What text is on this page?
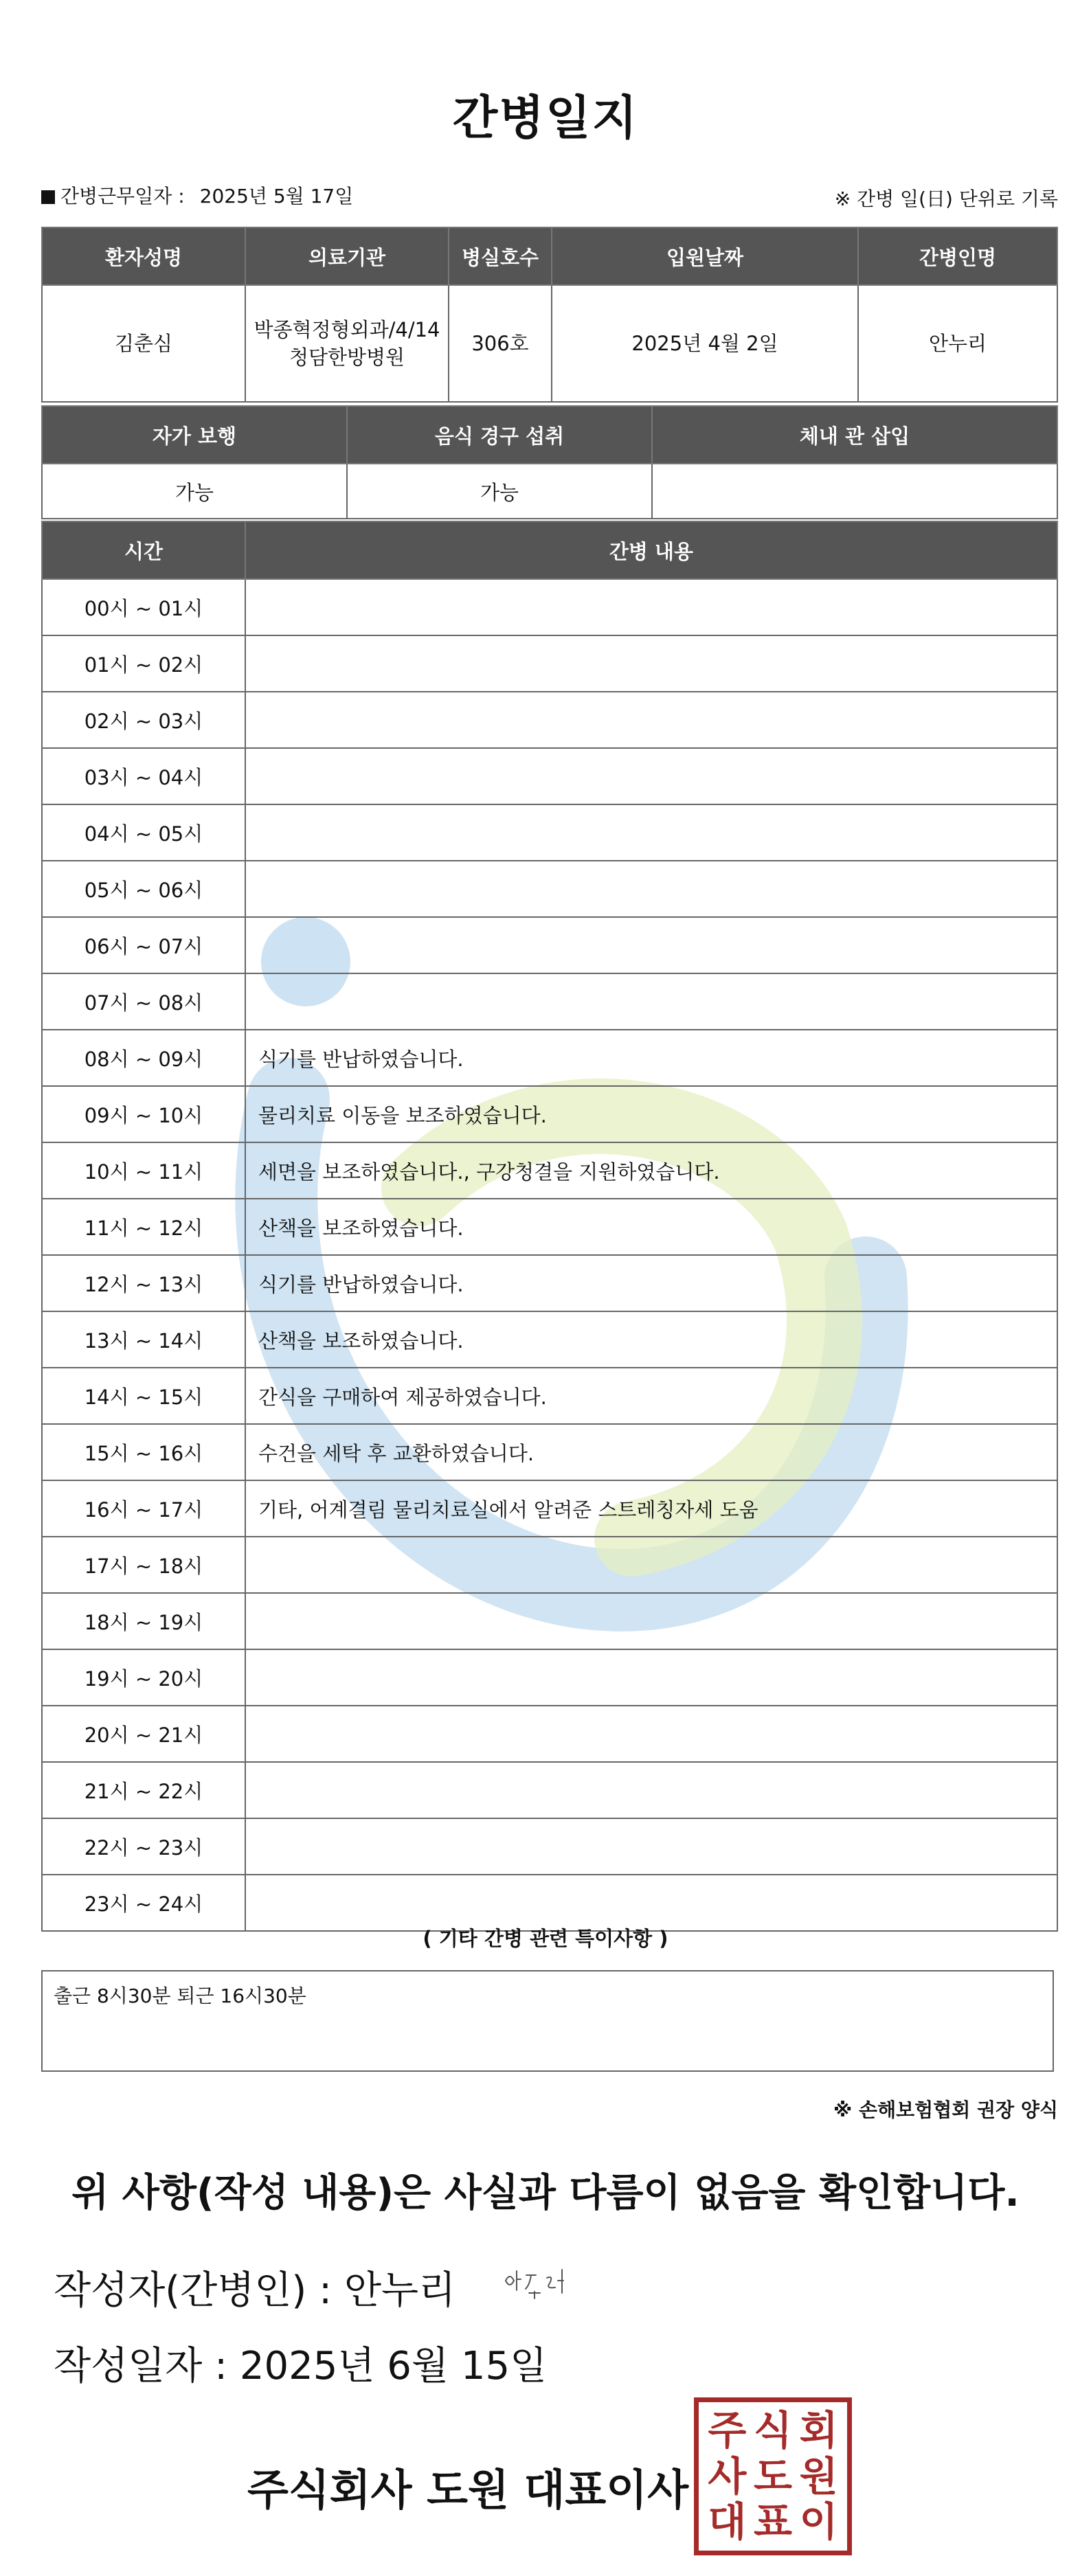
간병일지
간병근무일자 : 2025년 5월 17일	※ 간병 일(日) 단위로 기록
환자성명	의료기관	병실호수	입원날짜	간병인명
김춘심	박종혁정형외과/4/14청담한방병원	306호	2025년 4월 2일	안누리
자가 보행	음식 경구 섭취	체내 관 삽입
가능	가능	
시간	간병 내용
00시 ~ 01시	
01시 ~ 02시	
02시 ~ 03시	
03시 ~ 04시	
04시 ~ 05시	
05시 ~ 06시	
06시 ~ 07시	
07시 ~ 08시	
08시 ~ 09시	식기를 반납하였습니다.
09시 ~ 10시	물리치료 이동을 보조하였습니다.
10시 ~ 11시	세면을 보조하였습니다., 구강청결을 지원하였습니다.
11시 ~ 12시	산책을 보조하였습니다.
12시 ~ 13시	식기를 반납하였습니다.
13시 ~ 14시	산책을 보조하였습니다.
14시 ~ 15시	간식을 구매하여 제공하였습니다.
15시 ~ 16시	수건을 세탁 후 교환하였습니다.
16시 ~ 17시	기타, 어계결림 물리치료실에서 알려준 스트레칭자세 도움
17시 ~ 18시	
18시 ~ 19시	
19시 ~ 20시	
20시 ~ 21시	
21시 ~ 22시	
22시 ~ 23시	
23시 ~ 24시	
( 기타 간병 관련 특이사항 )
출근 8시30분 퇴근 16시30분
※ 손해보험협회 권장 양식
위 사항(작성 내용)은 사실과 다름이 없음을 확인합니다.
작성자(간병인) : 안누리
작성일자 : 2025년 6월 15일
주식회사 도원 대표이사
주 식 회
사 도 원
대 표 이
